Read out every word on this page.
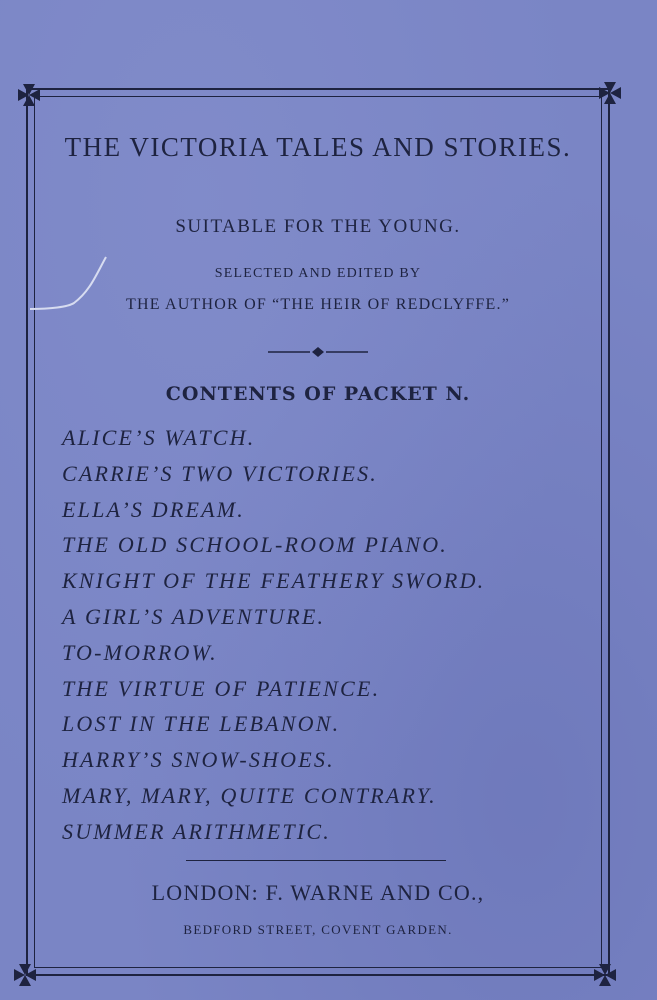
THE VICTORIA TALES AND STORIES.
SUITABLE FOR THE YOUNG.
SELECTED AND EDITED BY
THE AUTHOR OF “THE HEIR OF REDCLYFFE.”
CONTENTS OF PACKET N.
ALICE’S WATCH.
CARRIE’S TWO VICTORIES.
ELLA’S DREAM.
THE OLD SCHOOL-ROOM PIANO.
KNIGHT OF THE FEATHERY SWORD.
A GIRL’S ADVENTURE.
TO-MORROW.
THE VIRTUE OF PATIENCE.
LOST IN THE LEBANON.
HARRY’S SNOW-SHOES.
MARY, MARY, QUITE CONTRARY.
SUMMER ARITHMETIC.
LONDON: F. WARNE AND CO.,
BEDFORD STREET, COVENT GARDEN.
